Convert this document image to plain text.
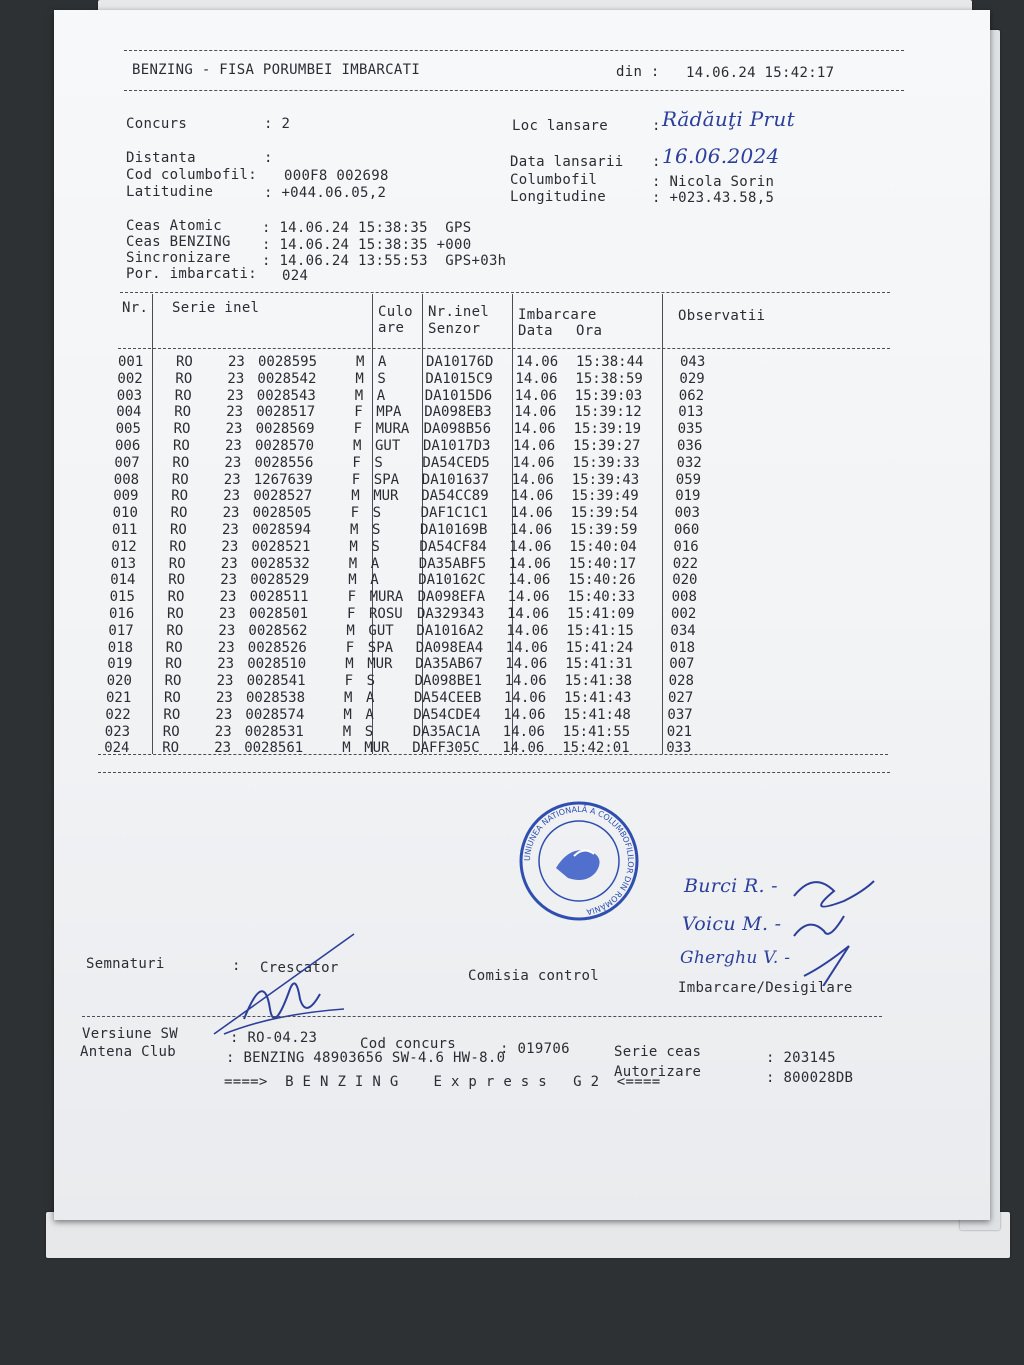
BENZING - FISA PORUMBEI IMBARCATI	din : 14.06.24 15:42:17
Concurs	: 2	Loc lansare	: Rădăuţi Prut
Distanta	:	Data lansarii : 16.06.2024
Cod columbofil: 000F8 002698	Columbofil	: Nicola Sorin
Latitudine	: +044.06.05,2	Longitudine	: +023.43.58,5
Ceas Atomic	: 14.06.24 15:38:35  GPS
Ceas BENZING : 14.06.24 15:38:35 +000
Sincronizare : 14.06.24 13:55:53  GPS+03h
Por. imbarcati: 024
Nr. Serie inel	Culo
are
Nr.inel
Senzor
Imbarcare
Data Ora
Observatii
001 RO	23 0028595	M A	DA10176D 14.06 15:38:44	043
002 RO	23 0028542	M S	DA1015C9 14.06 15:38:59	029
003 RO	23 0028543	M A	DA1015D6 14.06 15:39:03	062
004 RO	23 0028517	F MPA DA098EB3 14.06 15:39:12	013
005 RO	23 0028569	F MURA DA098B56 14.06 15:39:19	035
006 RO	23 0028570	M GUT DA1017D3 14.06 15:39:27	036
007 RO	23 0028556	F S	DA54CED5 14.06 15:39:33	032
008 RO	23 1267639	F SPA DA101637 14.06 15:39:43	059
009 RO	23 0028527	M MUR DA54CC89 14.06 15:39:49	019
010 RO	23 0028505	F S	DAF1C1C1 14.06 15:39:54	003
011 RO	23 0028594	M S	DA10169B 14.06 15:39:59	060
012 RO	23 0028521	M S	DA54CF84 14.06 15:40:04	016
013 RO	23 0028532	M A	DA35ABF5 14.06 15:40:17	022
014 RO	23 0028529	M A	DA10162C 14.06 15:40:26	020
015 RO	23 0028511	F MURA DA098EFA 14.06 15:40:33	008
016 RO	23 0028501	F ROSU DA329343 14.06 15:41:09	002
017 RO	23 0028562	M GUT DA1016A2 14.06 15:41:15	034
018 RO	23 0028526	F SPA DA098EA4 14.06 15:41:24	018
019 RO	23 0028510	M MUR DA35AB67 14.06 15:41:31	007
020 RO	23 0028541	F S	DA098BE1 14.06 15:41:38	028
021 RO	23 0028538	M A	DA54CEEB 14.06 15:41:43	027
022 RO	23 0028574	M A	DA54CDE4 14.06 15:41:48	037
023 RO	23 0028531	M S	DA35AC1A 14.06 15:41:55	021
024 RO	23 0028561	M MUR DAFF305C 14.06 15:42:01	033
UNIUNEA NATIONALĂ A COLUMBOFILILOR DIN ROMÂNIA
Burci R. -
Voicu M. -
Gherghu V. -
Semnaturi	: Crescator	Comisia control
Imbarcare/Desigilare
Versiune SW	: RO-04.23	Cod concurs	: 019706	Serie ceas	: 203145
Antena Club	: BENZING 48903656 SW-4.6 HW-8.0
Autorizare	: 800028DB
====>  B E N Z I N G    E x p r e s s   G 2  <====
